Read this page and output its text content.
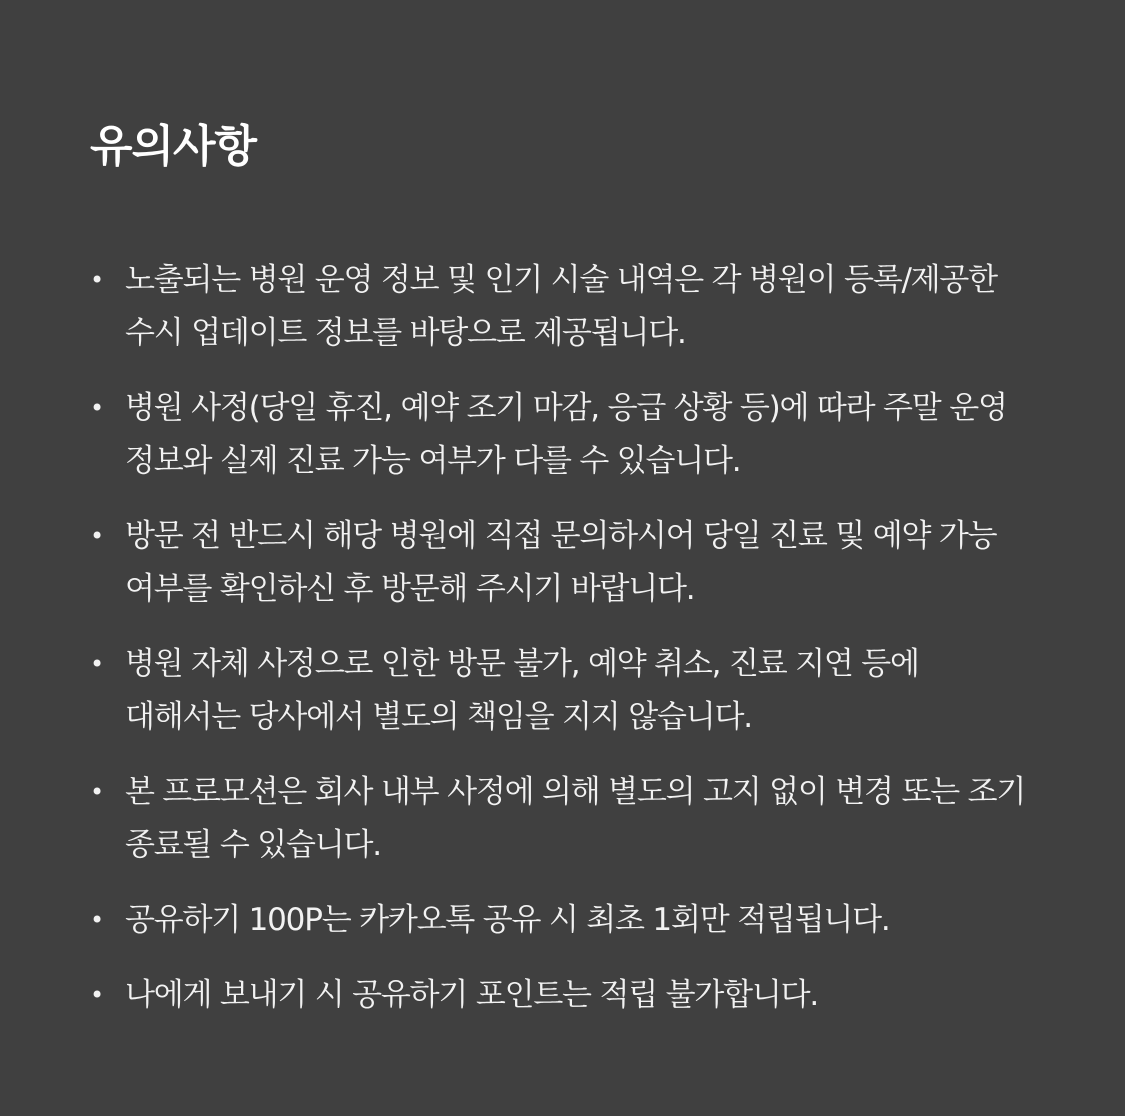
유의사항
• 노출되는 병원 운영 정보 및 인기 시술 내역은 각 병원이 등록/제공한 수시 업데이트 정보를 바탕으로 제공됩니다.
• 병원 사정(당일 휴진, 예약 조기 마감, 응급 상황 등)에 따라 주말 운영 정보와 실제 진료 가능 여부가 다를 수 있습니다.
• 방문 전 반드시 해당 병원에 직접 문의하시어 당일 진료 및 예약 가능 여부를 확인하신 후 방문해 주시기 바랍니다.
• 병원 자체 사정으로 인한 방문 불가, 예약 취소, 진료 지연 등에 대해서는 당사에서 별도의 책임을 지지 않습니다.
• 본 프로모션은 회사 내부 사정에 의해 별도의 고지 없이 변경 또는 조기 종료될 수 있습니다.
• 공유하기 100P는 카카오톡 공유 시 최초 1회만 적립됩니다.
• 나에게 보내기 시 공유하기 포인트는 적립 불가합니다.
